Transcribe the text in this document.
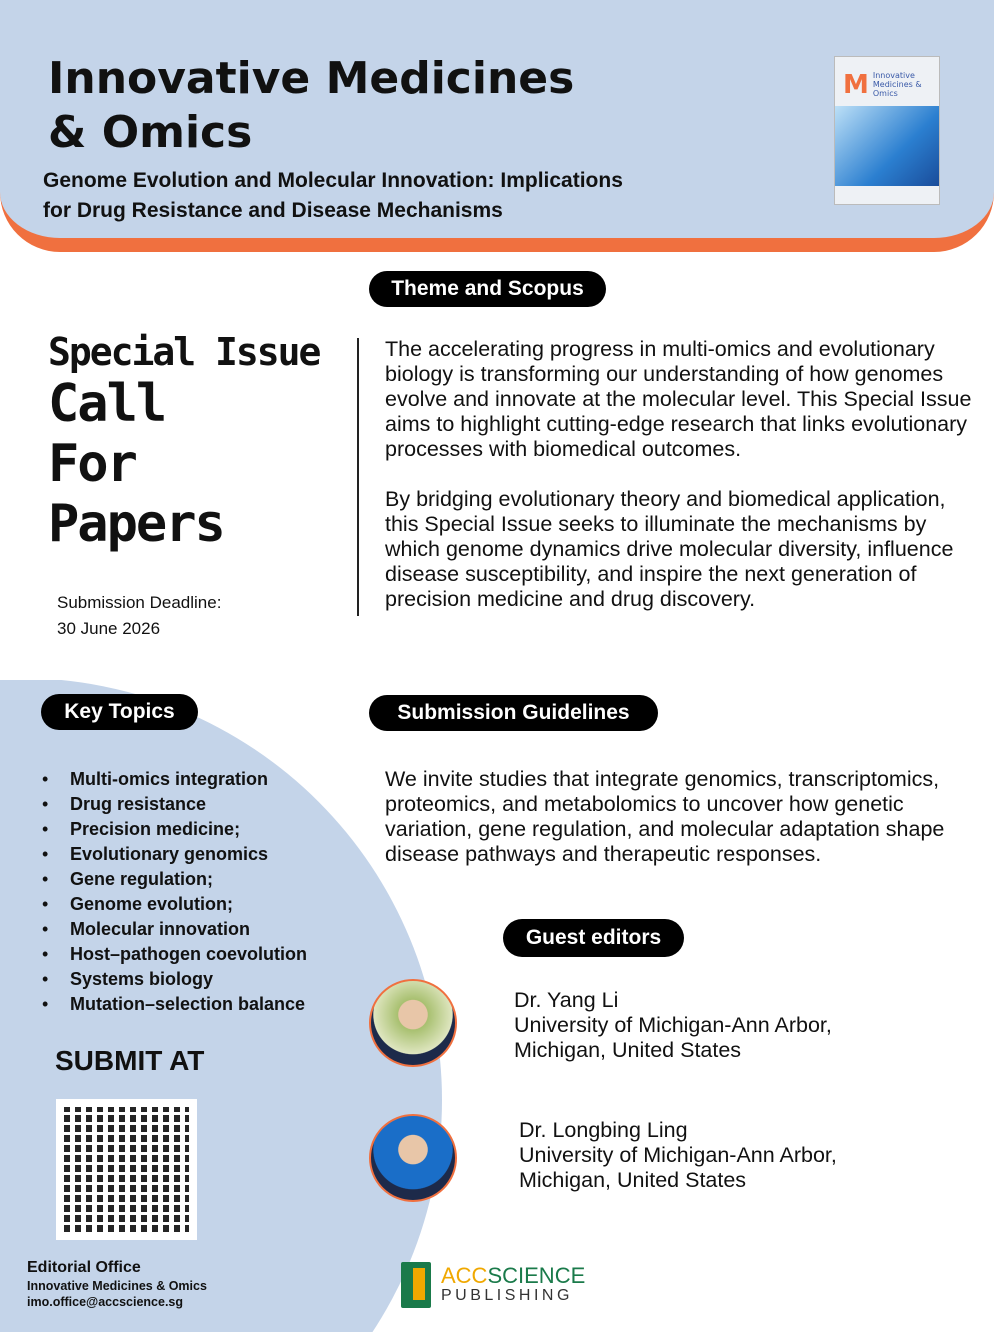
Innovative Medicines
& Omics
Genome Evolution and Molecular Innovation: Implications
for Drug Resistance and Disease Mechanisms
M Innovative Medicines & Omics
Theme and Scopus
Special Issue
Call
For
Papers
Submission Deadline:
30 June 2026

The accelerating progress in multi-omics and evolutionary biology is transforming our understanding of how genomes evolve and innovate at the molecular level. This Special Issue aims to highlight cutting-edge research that links evolutionary processes with biomedical outcomes.

By bridging evolutionary theory and biomedical application, this Special Issue seeks to illuminate the mechanisms by which genome dynamics drive molecular diversity, influence disease susceptibility, and inspire the next generation of precision medicine and drug discovery.

Key Topics	Submission Guidelines
• Multi-omics integration
• Drug resistance
• Precision medicine;
• Evolutionary genomics
• Gene regulation;
• Genome evolution;
• Molecular innovation
• Host–pathogen coevolution
• Systems biology
• Mutation–selection balance
We invite studies that integrate genomics, transcriptomics, proteomics, and metabolomics to uncover how genetic variation, gene regulation, and molecular adaptation shape disease pathways and therapeutic responses.
Guest editors
Dr. Yang Li
University of Michigan-Ann Arbor,
Michigan, United States
Dr. Longbing Ling
University of Michigan-Ann Arbor,
Michigan, United States
SUBMIT AT
Editorial Office
Innovative Medicines & Omics
imo.office@accscience.sg
ACCSCIENCE
PUBLISHING
